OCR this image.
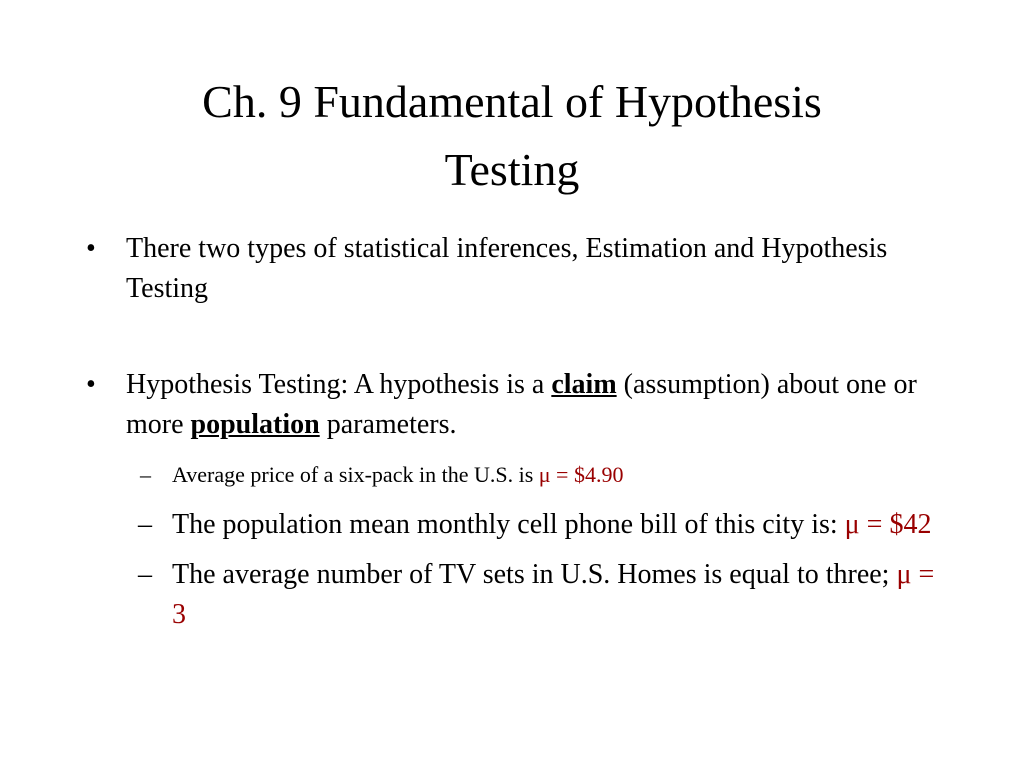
Ch. 9 Fundamental of Hypothesis
Testing
• There two types of statistical inferences, Estimation and Hypothesis Testing
• Hypothesis Testing: A hypothesis is a claim (assumption) about one or more population parameters.
– Average price of a six-pack in the U.S. is μ = $4.90
– The population mean monthly cell phone bill of this city is: μ = $42
– The average number of TV sets in U.S. Homes is equal to three; μ = 3
